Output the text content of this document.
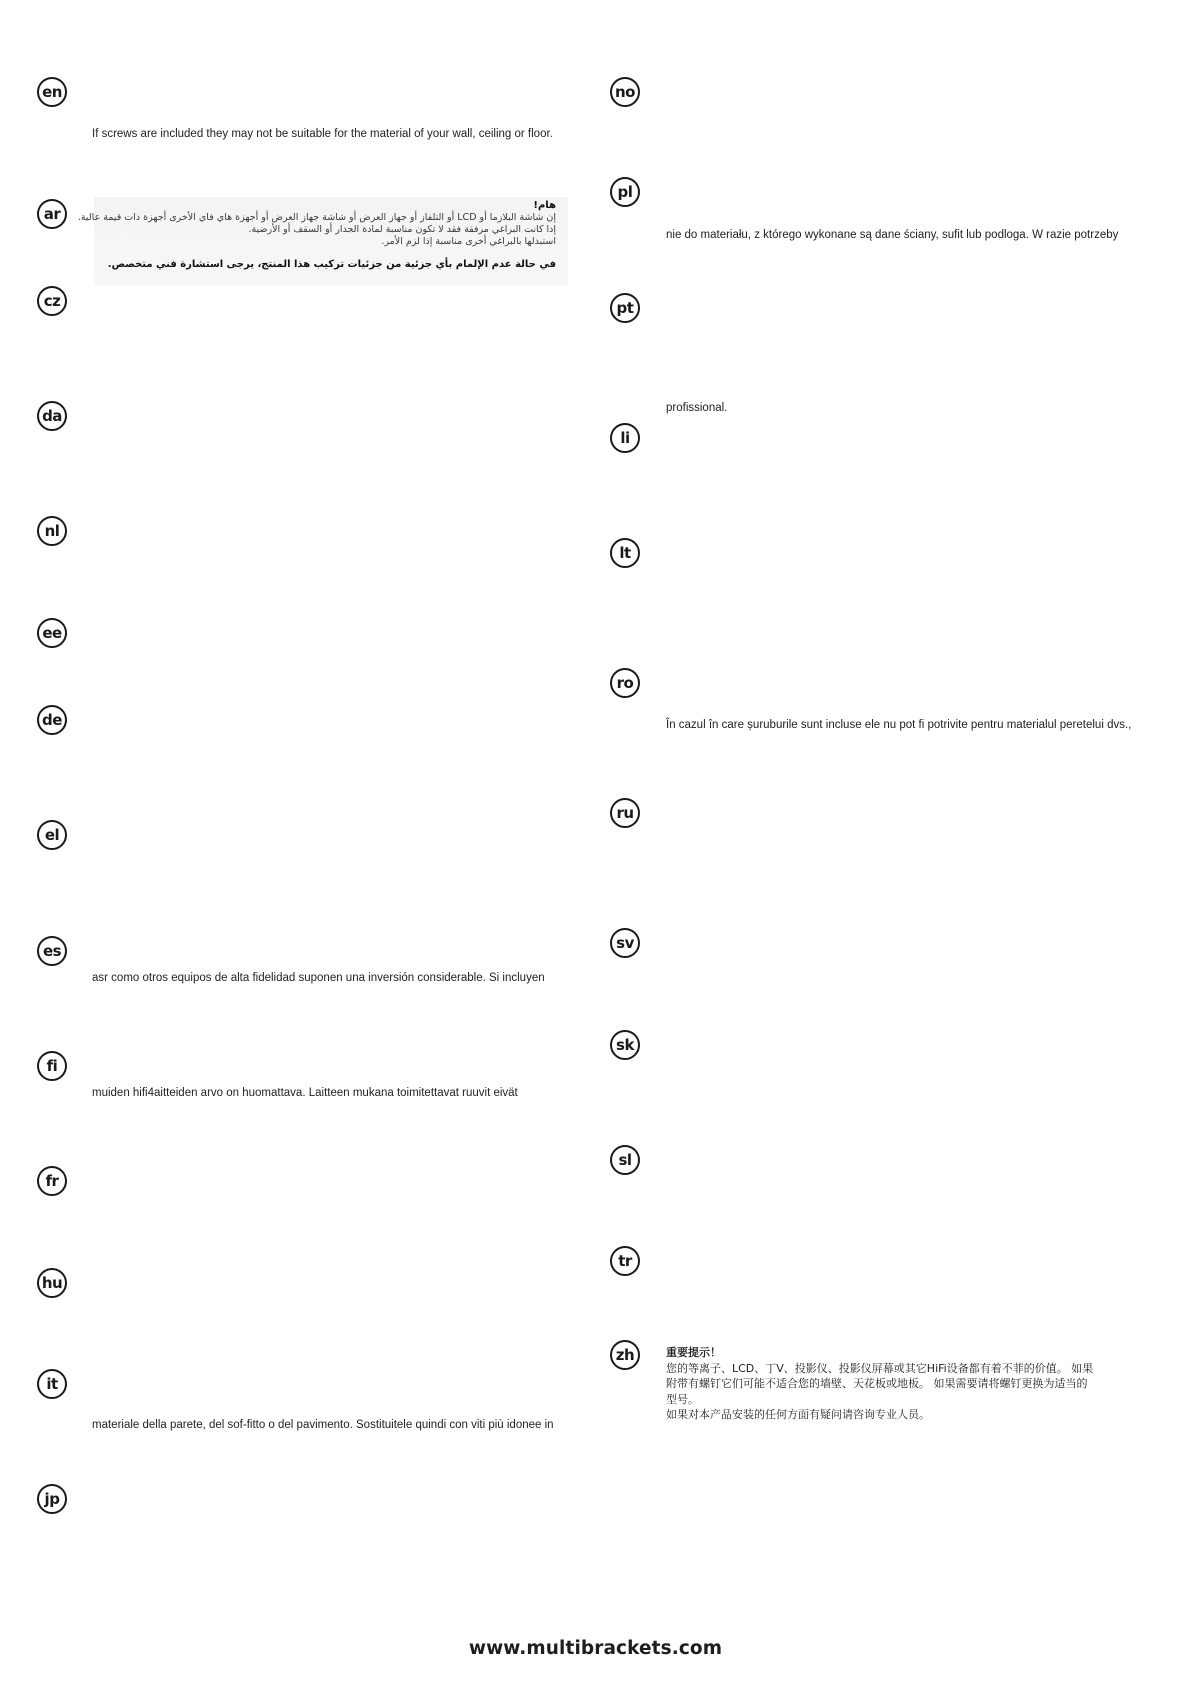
en
ar
cz
da
nl
ee
de
el
es
fi
fr
hu
it
jp
no
pl
pt
li
lt
ro
ru
sv
sk
sl
tr
zh
If screws are included they may not be suitable for the material of your wall, ceiling or floor.
هام!
إن شاشة البلازما أو LCD أو التلفاز أو جهاز العرض أو شاشة جهاز العرض أو أجهزة هاي فاي الأخرى أجهزة ذات قيمة عالية.
إذا كانت البراغي مرفقة فقد لا تكون مناسبة لمادة الجدار أو السقف أو الأرضية.
استبدلها بالبراغي أخرى مناسبة إذا لزم الأمر.
في حالة عدم الإلمام بأي جزئية من جزئيات تركيب هذا المنتج، يرجى استشارة فني متخصص.
asr como otros equipos de alta fidelidad suponen una inversión considerable. Si incluyen
muiden hifi4aitteiden arvo on huomattava. Laitteen mukana toimitettavat ruuvit eivät
materiale della parete, del sof-fitto o del pavimento. Sostituitele quindi con viti più idonee in
nie do materiału, z którego wykonane są dane ściany, sufit lub podloga. W razie potrzeby
profissional.
În cazul în care șuruburile sunt incluse ele nu pot fi potrivite pentru materialul peretelui dvs.,
重要提示！
您的等离子、LCD、丁V、投影仪、投影仪屏幕或其它HiFi设备都有着不菲的价值。 如果
附带有螺钉它们可能不适合您的墙壁、天花板或地板。 如果需要请将螺钉更换为适当的
型号。
如果对本产品安装的任何方面有疑问请咨询专业人员。
www.multibrackets.com
